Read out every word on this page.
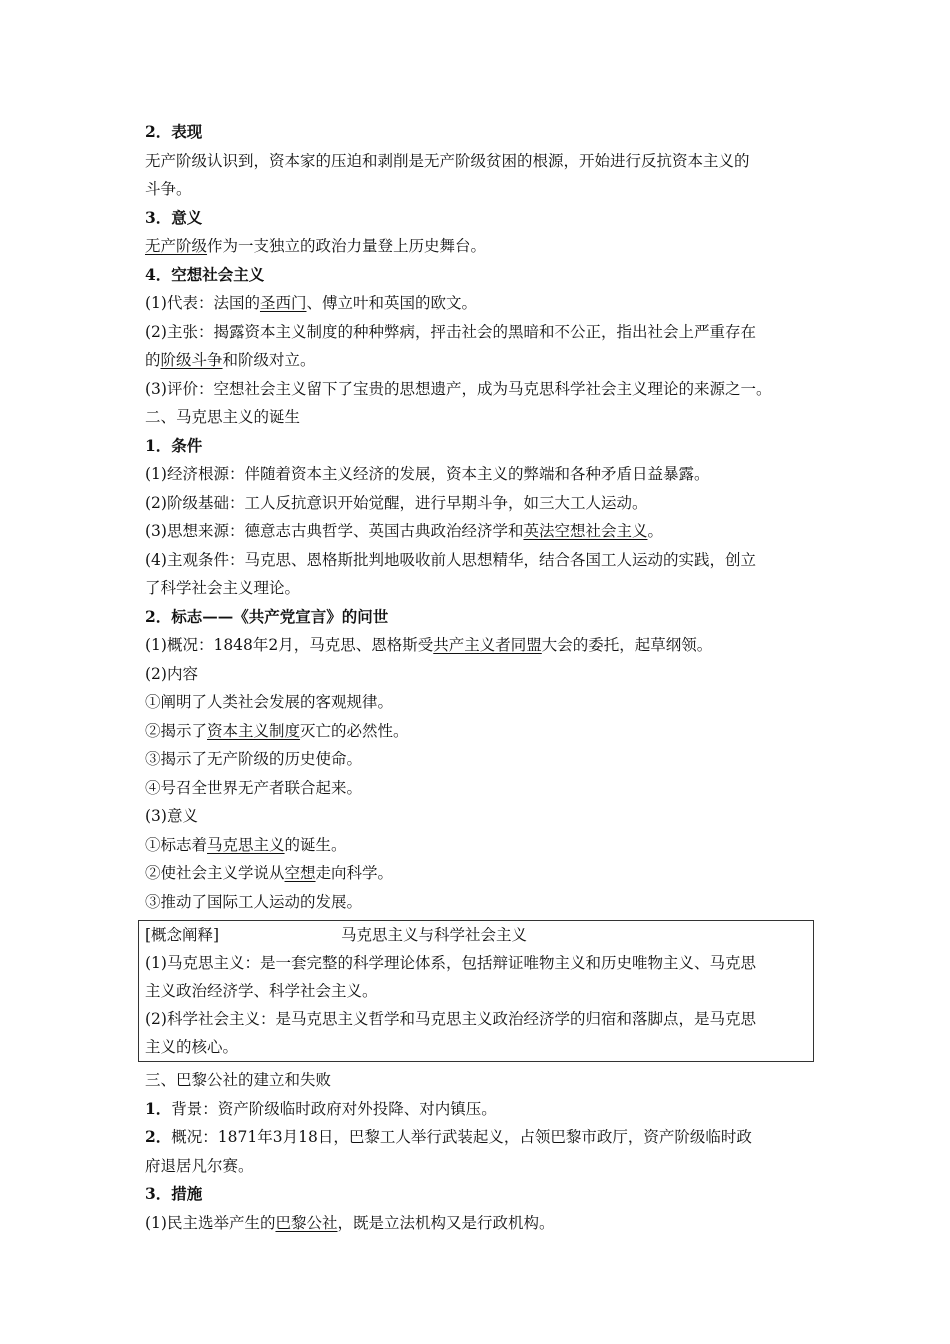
2．表现
无产阶级认识到，资本家的压迫和剥削是无产阶级贫困的根源，开始进行反抗资本主义的
斗争。
3．意义
无产阶级作为一支独立的政治力量登上历史舞台。
4．空想社会主义
(1)代表：法国的圣西门、傅立叶和英国的欧文。
(2)主张：揭露资本主义制度的种种弊病，抨击社会的黑暗和不公正，指出社会上严重存在
的阶级斗争和阶级对立。
(3)评价：空想社会主义留下了宝贵的思想遗产，成为马克思科学社会主义理论的来源之一。
二、马克思主义的诞生
1．条件
(1)经济根源：伴随着资本主义经济的发展，资本主义的弊端和各种矛盾日益暴露。
(2)阶级基础：工人反抗意识开始觉醒，进行早期斗争，如三大工人运动。
(3)思想来源：德意志古典哲学、英国古典政治经济学和英法空想社会主义。
(4)主观条件：马克思、恩格斯批判地吸收前人思想精华，结合各国工人运动的实践，创立
了科学社会主义理论。
2．标志——《共产党宣言》的问世
(1)概况：1848年2月，马克思、恩格斯受共产主义者同盟大会的委托，起草纲领。
(2)内容
①阐明了人类社会发展的客观规律。
②揭示了资本主义制度灭亡的必然性。
③揭示了无产阶级的历史使命。
④号召全世界无产者联合起来。
(3)意义
①标志着马克思主义的诞生。
②使社会主义学说从空想走向科学。
③推动了国际工人运动的发展。
[概念阐释]	马克思主义与科学社会主义
(1)马克思主义：是一套完整的科学理论体系，包括辩证唯物主义和历史唯物主义、马克思
主义政治经济学、科学社会主义。
(2)科学社会主义：是马克思主义哲学和马克思主义政治经济学的归宿和落脚点，是马克思
主义的核心。
三、巴黎公社的建立和失败
1．背景：资产阶级临时政府对外投降、对内镇压。
2．概况：1871年3月18日，巴黎工人举行武装起义，占领巴黎市政厅，资产阶级临时政
府退居凡尔赛。
3．措施
(1)民主选举产生的巴黎公社，既是立法机构又是行政机构。
